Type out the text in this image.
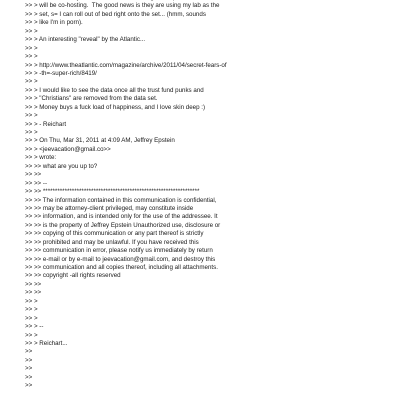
>> > will be co-hosting.  The good news is they are using my lab as the
>> > set, s= I can roll out of bed right onto the set... (hmm, sounds
>> > like I'm in porn).
>> >
>> > An interesting "reveal" by the Atlantic...
>> >
>> >
>> > http://www.theatlantic.com/magazine/archive/2011/04/secret-fears-of
>> > -th=-super-rich/8419/
>> >
>> > I would like to see the data once all the trust fund punks and
>> > "Christians" are removed from the data set.
>> > Money buys a fuck load of happiness, and I love skin deep :)
>> >
>> > - Reichart
>> >
>> > On Thu, Mar 31, 2011 at 4:09 AM, Jeffrey Epstein
>> > <jeevacation@gmail.co>>
>> > wrote:
>> >> what are you up to?
>> >>
>> >> --
>> >> *****************************************************************
>> >> The information contained in this communication is confidential,
>> >> may be attorney-client privileged, may constitute inside
>> >> information, and is intended only for the use of the addressee. It
>> >> is the property of Jeffrey Epstein Unauthorized use, disclosure or
>> >> copying of this communication or any part thereof is strictly
>> >> prohibited and may be unlawful. If you have received this
>> >> communication in error, please notify us immediately by return
>> >> e-mail or by e-mail to jeevacation@gmail.com, and destroy this
>> >> communication and all copies thereof, including all attachments.
>> >> copyright -all rights reserved
>> >>
>> >>
>> >
>> >
>> >
>> > --
>> >
>> > Reichart...
>>
>>
>>
>>
>>
